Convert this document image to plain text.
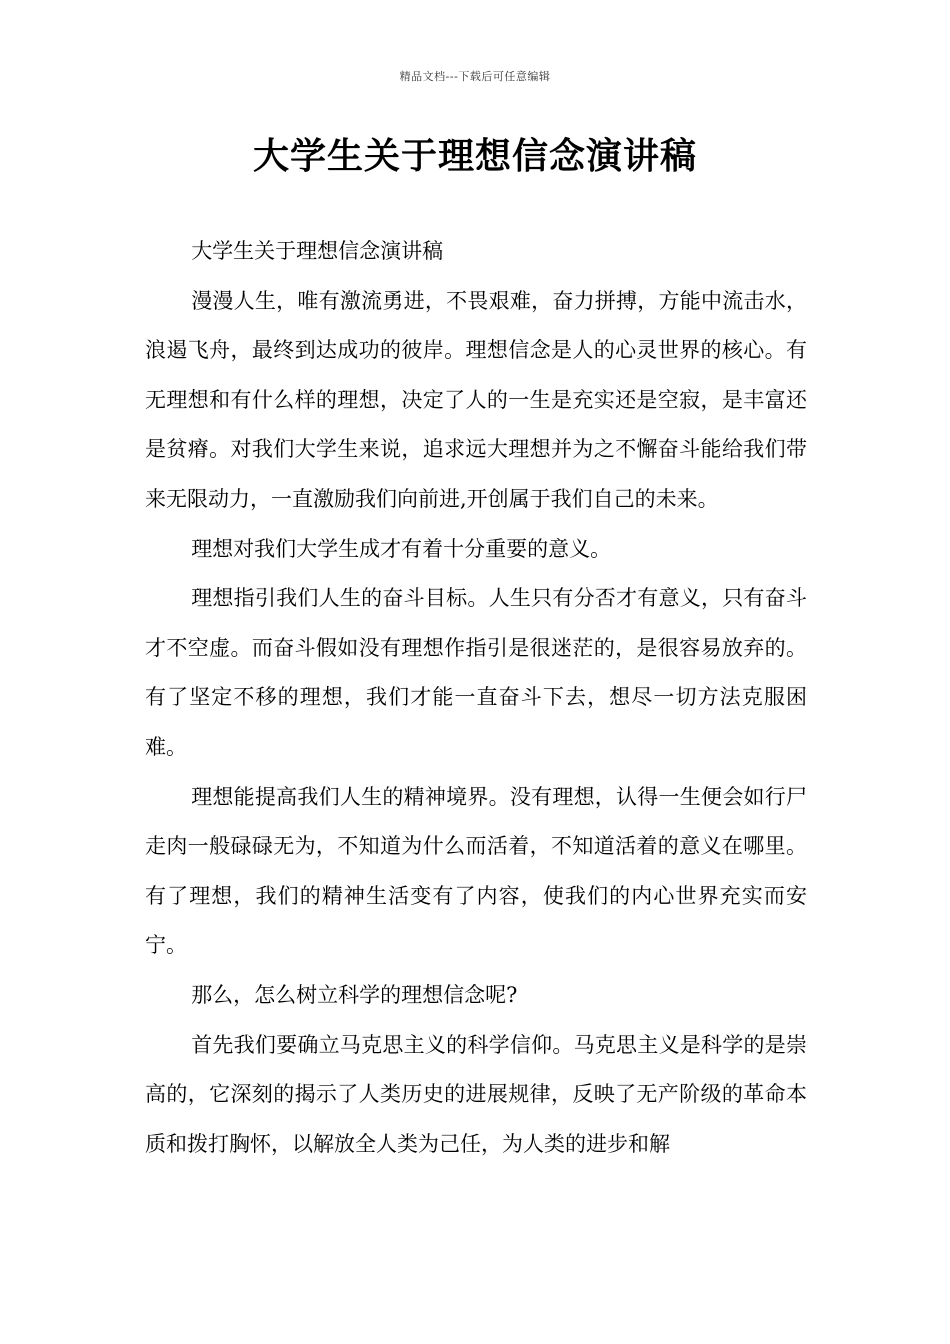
精品文档---下载后可任意编辑
大学生关于理想信念演讲稿

大学生关于理想信念演讲稿

漫漫人生，唯有激流勇进，不畏艰难，奋力拼搏，方能中流击水，浪遏飞舟，最终到达成功的彼岸。理想信念是人的心灵世界的核心。有无理想和有什么样的理想，决定了人的一生是充实还是空寂，是丰富还是贫瘠。对我们大学生来说，追求远大理想并为之不懈奋斗能给我们带来无限动力，一直激励我们向前进,开创属于我们自己的未来。

理想对我们大学生成才有着十分重要的意义。

理想指引我们人生的奋斗目标。人生只有分否才有意义，只有奋斗才不空虚。而奋斗假如没有理想作指引是很迷茫的，是很容易放弃的。有了坚定不移的理想，我们才能一直奋斗下去，想尽一切方法克服困难。

理想能提高我们人生的精神境界。没有理想，认得一生便会如行尸走肉一般碌碌无为，不知道为什么而活着，不知道活着的意义在哪里。有了理想，我们的精神生活变有了内容，使我们的内心世界充实而安宁。

那么，怎么树立科学的理想信念呢?

首先我们要确立马克思主义的科学信仰。马克思主义是科学的是崇高的，它深刻的揭示了人类历史的进展规律，反映了无产阶级的革命本质和拨打胸怀，以解放全人类为己任，为人类的进步和解
